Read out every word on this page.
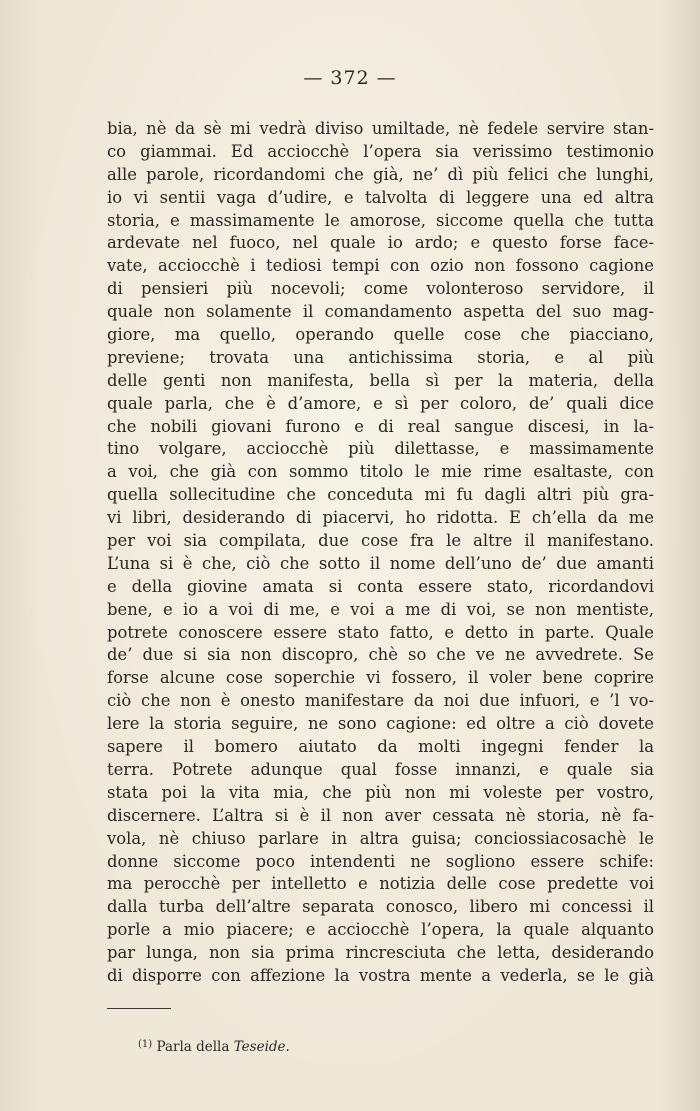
— 372 —
bia, nè da sè mi vedrà diviso umiltade, nè fedele servire stan-
co giammai. Ed acciocchè l’opera sia verissimo testimonio
alle parole, ricordandomi che già, ne’ dì più felici che lunghi,
io vi sentii vaga d’udire, e talvolta di leggere una ed altra
storia, e massimamente le amorose, siccome quella che tutta
ardevate nel fuoco, nel quale io ardo; e questo forse face-
vate, acciocchè i tediosi tempi con ozio non fossono cagione
di pensieri più nocevoli; come volonteroso servidore, il
quale non solamente il comandamento aspetta del suo mag-
giore, ma quello, operando quelle cose che piacciano,
previene; trovata una antichissima storia, e al più
delle genti non manifesta, bella sì per la materia, della
quale parla, che è d’amore, e sì per coloro, de’ quali dice
che nobili giovani furono e di real sangue discesi, in la-
tino volgare, acciocchè più dilettasse, e massimamente
a voi, che già con sommo titolo le mie rime esaltaste, con
quella sollecitudine che conceduta mi fu dagli altri più gra-
vi libri, desiderando di piacervi, ho ridotta. E ch’ella da me
per voi sia compilata, due cose fra le altre il manifestano.
L’una si è che, ciò che sotto il nome dell’uno de’ due amanti
e della giovine amata si conta essere stato, ricordandovi
bene, e io a voi di me, e voi a me di voi, se non mentiste,
potrete conoscere essere stato fatto, e detto in parte. Quale
de’ due si sia non discopro, chè so che ve ne avvedrete. Se
forse alcune cose soperchie vi fossero, il voler bene coprire
ciò che non è onesto manifestare da noi due infuori, e ’l vo-
lere la storia seguire, ne sono cagione: ed oltre a ciò dovete
sapere il bomero aiutato da molti ingegni fender la
terra. Potrete adunque qual fosse innanzi, e quale sia
stata poi la vita mia, che più non mi voleste per vostro,
discernere. L’altra si è il non aver cessata nè storia, nè fa-
vola, nè chiuso parlare in altra guisa; conciossiacosachè le
donne siccome poco intendenti ne sogliono essere schife:
ma perocchè per intelletto e notizia delle cose predette voi
dalla turba dell’altre separata conosco, libero mi concessi il
porle a mio piacere; e acciocchè l’opera, la quale alquanto
par lunga, non sia prima rincresciuta che letta, desiderando
di disporre con affezione la vostra mente a vederla, se le già
$^{(1)}$ Parla della Teseide.
